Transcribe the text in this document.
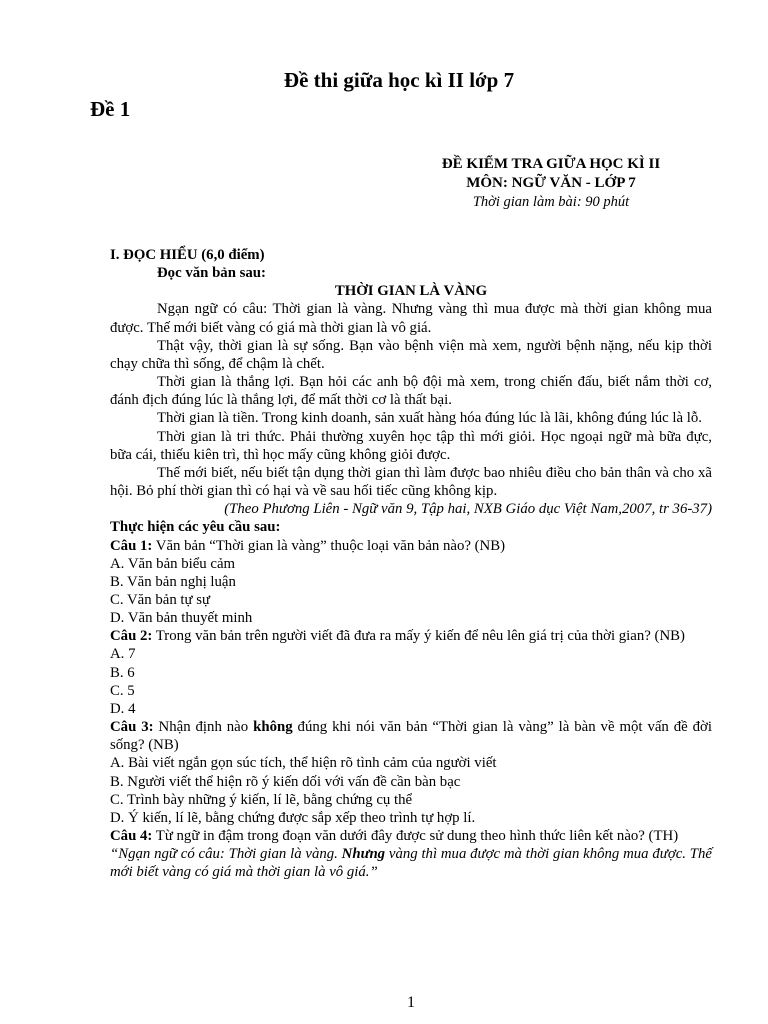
Đề thi giữa học kì II lớp 7
Đề 1
ĐỀ KIỂM TRA GIỮA HỌC KÌ II
MÔN: NGỮ VĂN - LỚP 7
Thời gian làm bài: 90 phút

I. ĐỌC HIỂU (6,0 điểm)

Đọc văn bản sau:

THỜI GIAN LÀ VÀNG

Ngạn ngữ có câu: Thời gian là vàng. Nhưng vàng thì mua được mà thời gian không mua được. Thế mới biết vàng có giá mà thời gian là vô giá.

Thật vậy, thời gian là sự sống. Bạn vào bệnh viện mà xem, người bệnh nặng, nếu kịp thời chạy chữa thì sống, để chậm là chết.

Thời gian là thắng lợi. Bạn hỏi các anh bộ đội mà xem, trong chiến đấu, biết nắm thời cơ, đánh địch đúng lúc là thắng lợi, để mất thời cơ là thất bại.

Thời gian là tiền. Trong kinh doanh, sản xuất hàng hóa đúng lúc là lãi, không đúng lúc là lỗ.

Thời gian là tri thức. Phải thường xuyên học tập thì mới giỏi. Học ngoại ngữ mà bữa đực, bữa cái, thiếu kiên trì, thì học mấy cũng không giỏi được.

Thế mới biết, nếu biết tận dụng thời gian thì làm được bao nhiêu điều cho bản thân và cho xã hội. Bỏ phí thời gian thì có hại và về sau hối tiếc cũng không kịp.

(Theo Phương Liên - Ngữ văn 9, Tập hai, NXB Giáo dục Việt Nam,2007, tr 36-37)

Thực hiện các yêu cầu sau:

Câu 1: Văn bản “Thời gian là vàng” thuộc loại văn bản nào? (NB)

A. Văn bản biểu cảm

B. Văn bản nghị luận

C. Văn bản tự sự

D. Văn bản thuyết minh

Câu 2: Trong văn bản trên người viết đã đưa ra mấy ý kiến để nêu lên giá trị của thời gian? (NB)

A. 7

B. 6

C. 5

D. 4

Câu 3: Nhận định nào không đúng khi nói văn bản “Thời gian là vàng” là bàn về một vấn đề đời sống? (NB)

A. Bài viết ngắn gọn súc tích, thể hiện rõ tình cảm của người viết

B. Người viết thể hiện rõ ý kiến dối với vấn đề cần bàn bạc

C. Trình bày những ý kiến, lí lẽ, bằng chứng cụ thể

D. Ý kiến, lí lẽ, bằng chứng được sắp xếp theo trình tự hợp lí.

Câu 4: Từ ngữ in đậm trong đoạn văn dưới đây được sử dung theo hình thức liên kết nào? (TH)

“Ngạn ngữ có câu: Thời gian là vàng. Nhưng vàng thì mua được mà thời gian không mua được. Thế mới biết vàng có giá mà thời gian là vô giá.”

1
